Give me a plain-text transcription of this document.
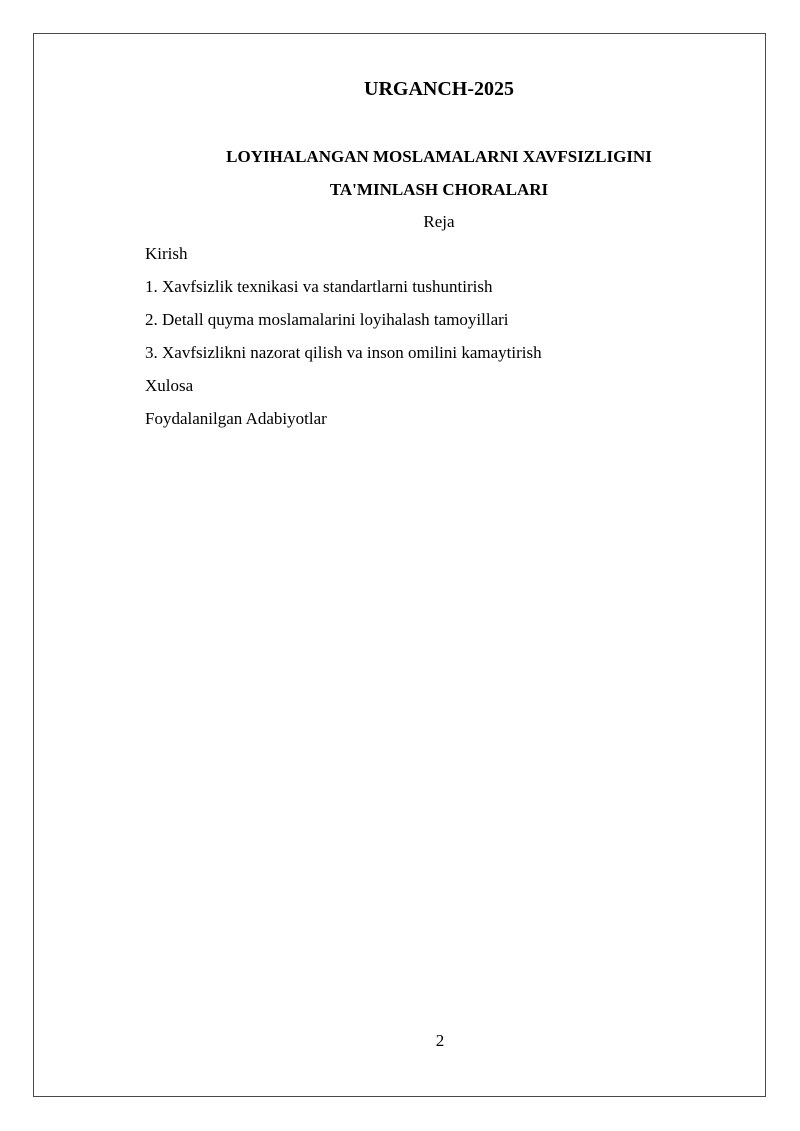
URGANCH-2025
LOYIHALANGAN MOSLAMALARNI XAVFSIZLIGINI
TA'MINLASH CHORALARI
Reja
Kirish
1. Xavfsizlik texnikasi va standartlarni tushuntirish
2. Detall quyma moslamalarini loyihalash tamoyillari
3. Xavfsizlikni nazorat qilish va inson omilini kamaytirish
Xulosa
Foydalanilgan Adabiyotlar
2
